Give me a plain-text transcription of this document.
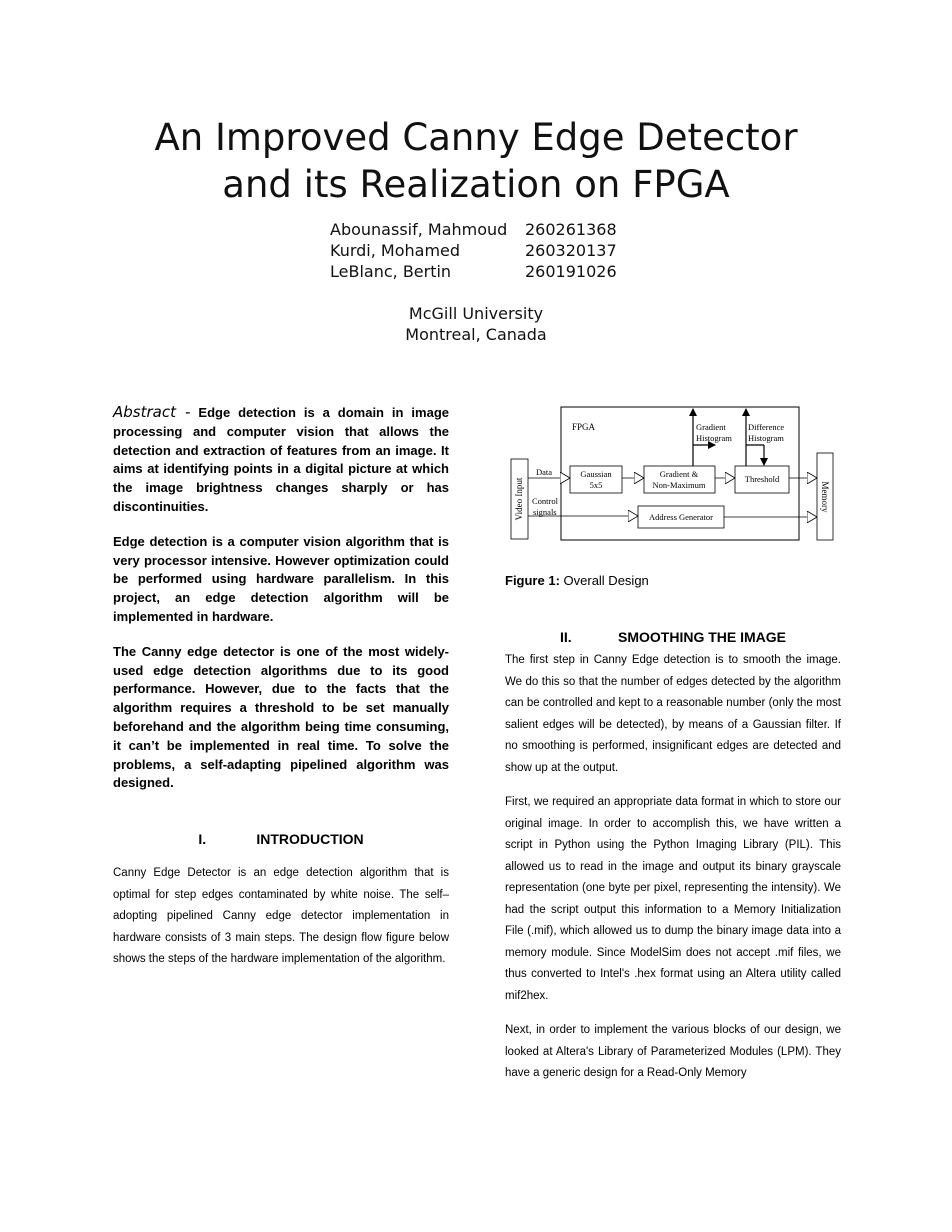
An Improved Canny Edge Detector
and its Realization on FPGA
Abounassif, Mahmoud	260261368
Kurdi, Mohamed	260320137
LeBlanc, Bertin	260191026
McGill University
Montreal, Canada

Abstract - Edge detection is a domain in image processing and computer vision that allows the detection and extraction of features from an image. It aims at identifying points in a digital picture at which the image brightness changes sharply or has discontinuities.

Edge detection is a computer vision algorithm that is very processor intensive. However optimization could be performed using hardware parallelism. In this project, an edge detection algorithm will be implemented in hardware.

The Canny edge detector is one of the most widely-used edge detection algorithms due to its good performance. However, due to the facts that the algorithm requires a threshold to be set manually beforehand and the algorithm being time consuming, it can’t be implemented in real time. To solve the problems, a self-adapting pipelined algorithm was designed.

I.	INTRODUCTION

Canny Edge Detector is an edge detection algorithm that is optimal for step edges contaminated by white noise. The self–adopting pipelined Canny edge detector implementation in hardware consists of 3 main steps. The design flow figure below shows the steps of the hardware implementation of the algorithm.

FPGA
Video Input	Memory
Gaussian
5x5
Gradient &
Non-Maximum
Threshold
Address Generator
Data
Control
signals
Gradient
Histogram
Difference
Histogram

Figure 1: Overall Design

II.	SMOOTHING THE IMAGE

The first step in Canny Edge detection is to smooth the image. We do this so that the number of edges detected by the algorithm can be controlled and kept to a reasonable number (only the most salient edges will be detected), by means of a Gaussian filter. If no smoothing is performed, insignificant edges are detected and show up at the output.

First, we required an appropriate data format in which to store our original image. In order to accomplish this, we have written a script in Python using the Python Imaging Library (PIL). This allowed us to read in the image and output its binary grayscale representation (one byte per pixel, representing the intensity). We had the script output this information to a Memory Initialization File (.mif), which allowed us to dump the binary image data into a memory module. Since ModelSim does not accept .mif files, we thus converted to Intel's .hex format using an Altera utility called mif2hex.

Next, in order to implement the various blocks of our design, we looked at Altera's Library of Parameterized Modules (LPM). They have a generic design for a Read-Only Memory
